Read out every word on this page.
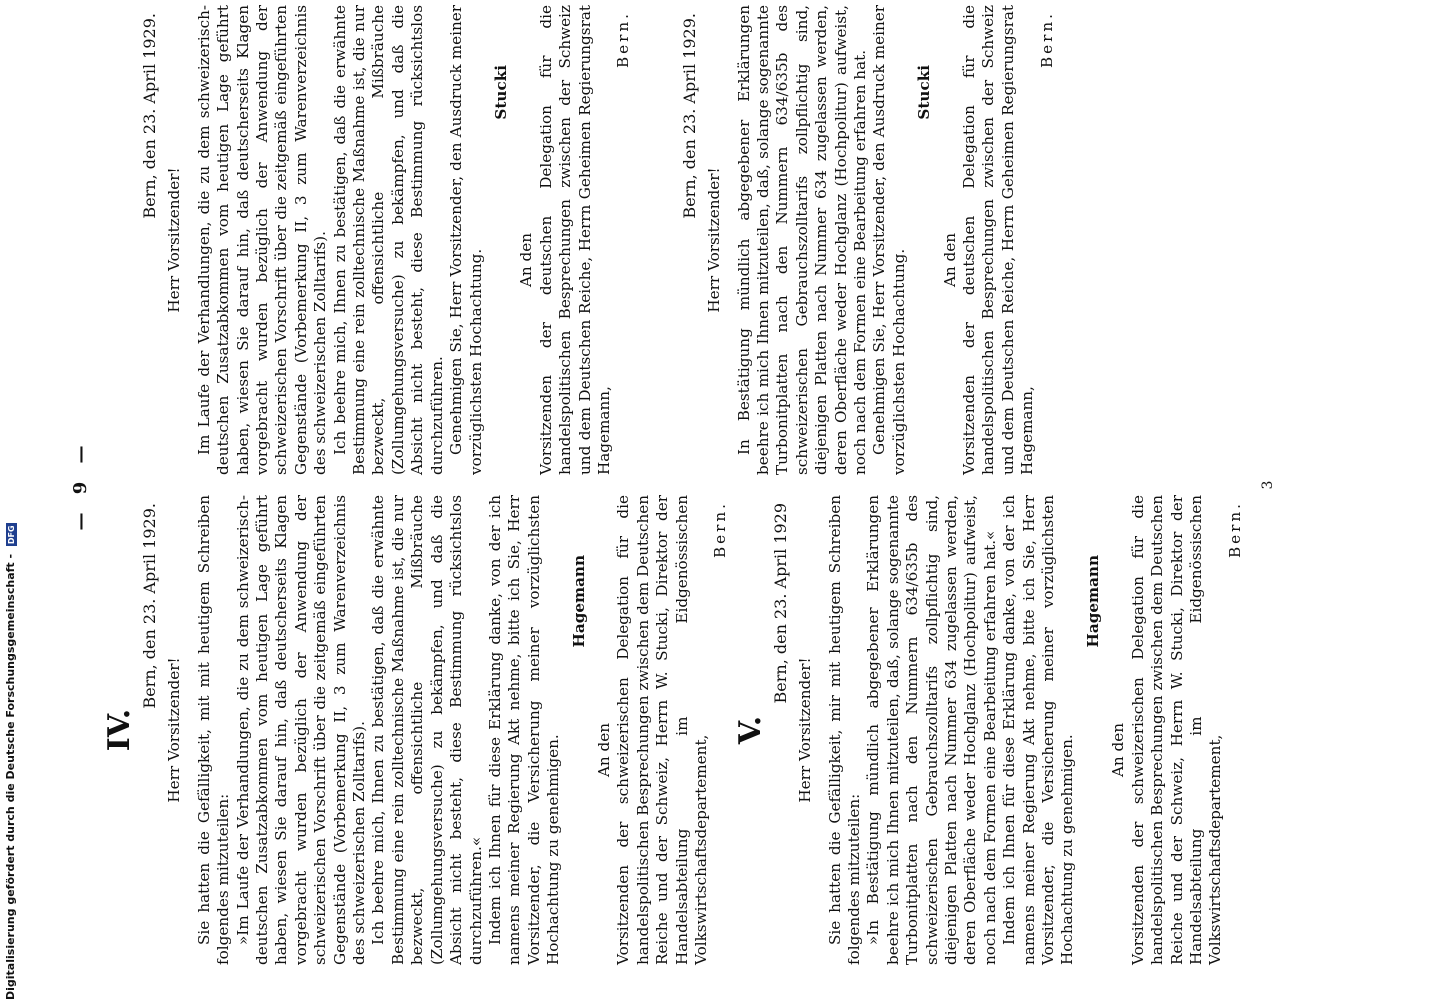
— 9 —
IV.
Bern, den 23. April 1929.
Herr Vorsitzender! Sie hatten die Gefälligkeit, mit mit heutigem Schreiben folgendes mitzuteilen: »Im Laufe der Verhandlungen, die zu dem schweizerisch-deutschen Zusatzabkommen vom heutigen Lage geführt haben, wiesen Sie darauf hin, daß deutscherseits Klagen vorgebracht wurden bezüglich der Anwendung der schweizerischen Vorschrift über die zeitgemäß eingeführten Gegenstände (Vorbemerkung II, 3 zum Warenverzeichnis des schweizerischen Zolltarifs). Ich beehre mich, Ihnen zu bestätigen, daß die erwähnte Bestimmung eine rein zolltechnische Maßnahme ist, die nur bezweckt, offensichtliche Mißbräuche (Zollumgehungsversuche) zu bekämpfen, und daß die Absicht nicht besteht, diese Bestimmung rücksichtslos durchzuführen.« Indem ich Ihnen für diese Erklärung danke, von der ich namens meiner Regierung Akt nehme, bitte ich Sie, Herr Vorsitzender, die Versicherung meiner vorzüglichsten Hochachtung zu genehmigen.

Hagemann
An den Vorsitzenden der schweizerischen Delegation für die handelspolitischen Besprechungen zwischen dem Deutschen Reiche und der Schweiz, Herrn W. Stucki, Direktor der Handelsabteilung im Eidgenössischen Volkswirtschaftsdepartement,

Bern.
V.
Bern, den 23. April 1929
Herr Vorsitzender! Sie hatten die Gefälligkeit, mir mit heutigem Schreiben folgendes mitzuteilen: »In Bestätigung mündlich abgegebener Erklärungen beehre ich mich Ihnen mitzuteilen, daß, solange sogenannte Turbonitplatten nach den Nummern 634/635b des schweizerischen Gebrauchszolltarifs zollpflichtig sind, diejenigen Platten nach Nummer 634 zugelassen werden, deren Oberfläche weder Hochglanz (Hochpolitur) aufweist, noch nach dem Formen eine Bearbeitung erfahren hat.« Indem ich Ihnen für diese Erklärung danke, von der ich namens meiner Regierung Akt nehme, bitte ich Sie, Herr Vorsitzender, die Versicherung meiner vorzüglichsten Hochachtung zu genehmigen.

Hagemann
An den Vorsitzenden der schweizerischen Delegation für die handelspolitischen Besprechungen zwischen dem Deutschen Reiche und der Schweiz, Herrn W. Stucki, Direktor der Handelsabteilung im Eidgenössischen Volkswirtschaftsdepartement,

Bern.
Bern, den 23. April 1929.
Herr Vorsitzender! Im Laufe der Verhandlungen, die zu dem schweizerisch-deutschen Zusatzabkommen vom heutigen Lage geführt haben, wiesen Sie darauf hin, daß deutscherseits Klagen vorgebracht wurden bezüglich der Anwendung der schweizerischen Vorschrift über die zeitgemäß eingeführten Gegenstände (Vorbemerkung II, 3 zum Warenverzeichnis des schweizerischen Zolltarifs). Ich beehre mich, Ihnen zu bestätigen, daß die erwähnte Bestimmung eine rein zolltechnische Maßnahme ist, die nur bezweckt, offensichtliche Mißbräuche (Zollumgehungsversuche) zu bekämpfen, und daß die Absicht nicht besteht, diese Bestimmung rücksichtslos durchzuführen. Genehmigen Sie, Herr Vorsitzender, den Ausdruck meiner vorzüglichsten Hochachtung.

Stucki
An den Vorsitzenden der deutschen Delegation für die handelspolitischen Besprechungen zwischen der Schweiz und dem Deutschen Reiche, Herrn Geheimen Regierungsrat Hagemann,

Bern.	Bern, den 23. April 1929.
Herr Vorsitzender! In Bestätigung mündlich abgegebener Erklärungen beehre ich mich Ihnen mitzuteilen, daß, solange sogenannte Turbonitplatten nach den Nummern 634/635b des schweizerischen Gebrauchszolltarifs zollpflichtig sind, diejenigen Platten nach Nummer 634 zugelassen werden, deren Oberfläche weder Hochglanz (Hochpolitur) aufweist, noch nach dem Formen eine Bearbeitung erfahren hat. Genehmigen Sie, Herr Vorsitzender, den Ausdruck meiner vorzüglichsten Hochachtung.

Stucki
An den Vorsitzenden der deutschen Delegation für die handelspolitischen Besprechungen zwischen der Schweiz und dem Deutschen Reiche, Herrn Geheimen Regierungsrat Hagemann,

Bern.
3
Digitalisierung gefördert durch die Deutsche Forschungsgemeinschaft - DFG
